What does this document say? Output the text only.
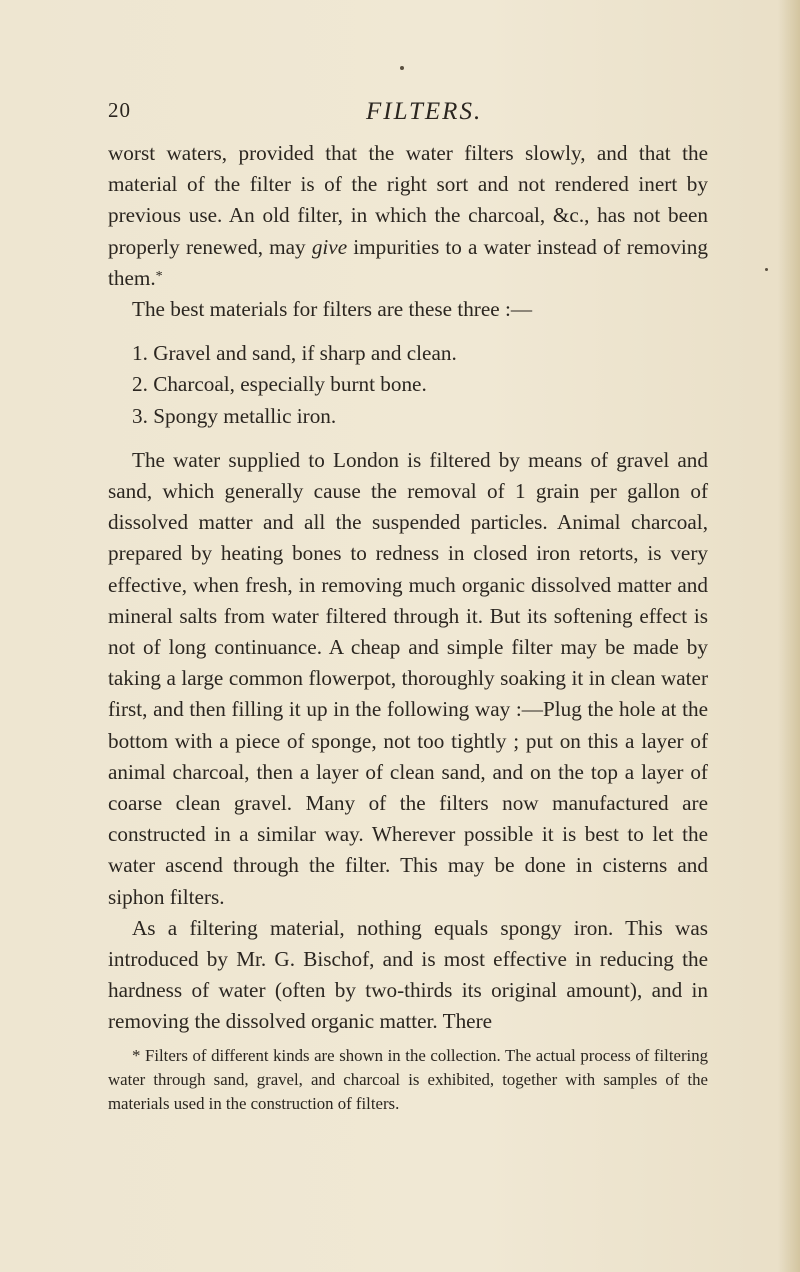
20	FILTERS.

worst waters, provided that the water filters slowly, and that the material of the filter is of the right sort and not rendered inert by previous use. An old filter, in which the charcoal, &c., has not been properly renewed, may give impurities to a water instead of removing them.*

The best materials for filters are these three :—

1. Gravel and sand, if sharp and clean.
2. Charcoal, especially burnt bone.
3. Spongy metallic iron.

The water supplied to London is filtered by means of gravel and sand, which generally cause the removal of 1 grain per gallon of dissolved matter and all the suspended particles. Animal charcoal, prepared by heating bones to redness in closed iron retorts, is very effective, when fresh, in removing much organic dissolved matter and mineral salts from water filtered through it. But its softening effect is not of long continuance. A cheap and simple filter may be made by taking a large common flowerpot, thoroughly soaking it in clean water first, and then filling it up in the following way :—Plug the hole at the bottom with a piece of sponge, not too tightly ; put on this a layer of animal charcoal, then a layer of clean sand, and on the top a layer of coarse clean gravel. Many of the filters now manufactured are constructed in a similar way. Wherever possible it is best to let the water ascend through the filter. This may be done in cisterns and siphon filters.

As a filtering material, nothing equals spongy iron. This was introduced by Mr. G. Bischof, and is most effective in reducing the hardness of water (often by two-thirds its original amount), and in removing the dissolved organic matter. There

* Filters of different kinds are shown in the collection. The actual process of filtering water through sand, gravel, and charcoal is exhibited, together with samples of the materials used in the construction of filters.
